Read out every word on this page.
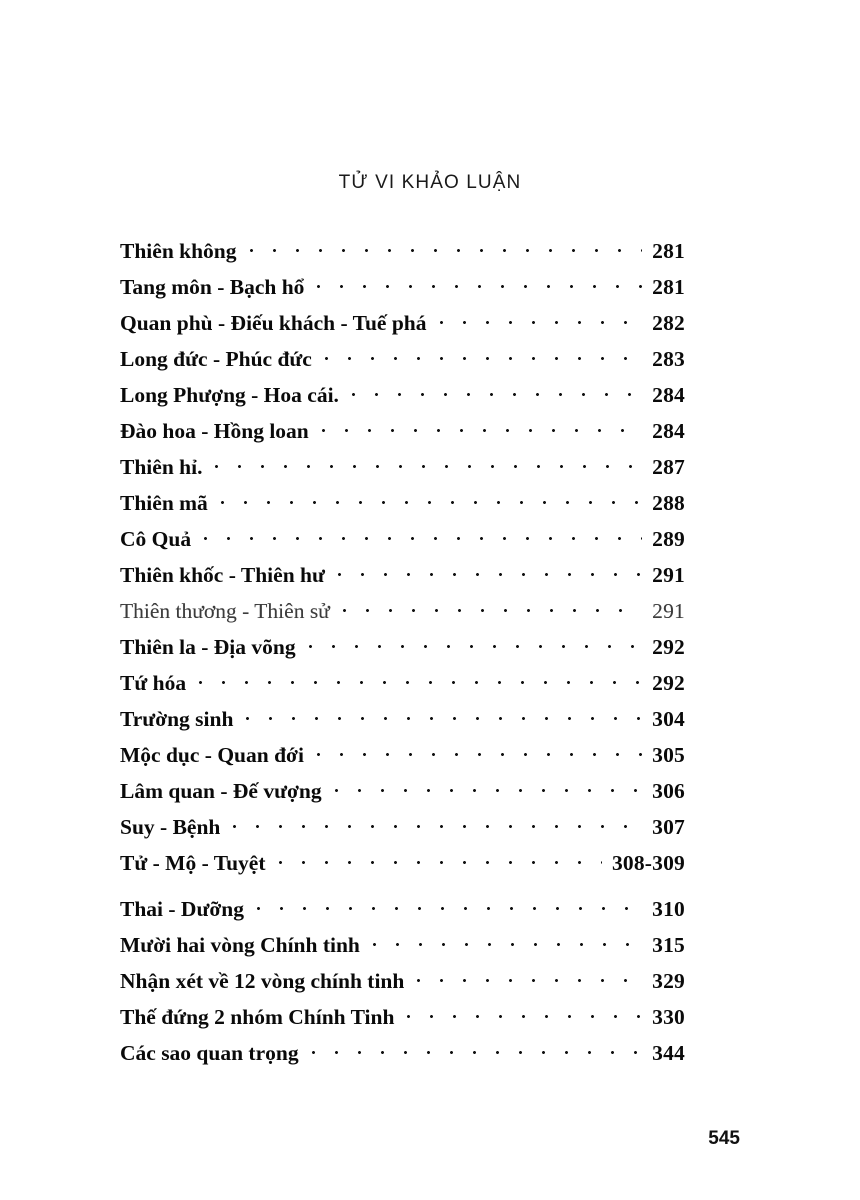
TỬ VI KHẢO LUẬN
Thiên không	281
Tang môn - Bạch hổ	281
Quan phù - Điếu khách - Tuế phá	282
Long đức - Phúc đức	283
Long Phượng - Hoa cái.	284
Đào hoa - Hồng loan	284
Thiên hỉ.	287
Thiên mã	288
Cô Quả	289
Thiên khốc - Thiên hư	291
Thiên thương - Thiên sử	291
Thiên la - Địa võng	292
Tứ hóa	292
Trường sinh	304
Mộc dục - Quan đới	305
Lâm quan - Đế vượng	306
Suy - Bệnh	307
Tử - Mộ - Tuyệt	308-309
Thai - Dưỡng	310
Mười hai vòng Chính tinh	315
Nhận xét về 12 vòng chính tinh	329
Thế đứng 2 nhóm Chính Tinh	330
Các sao quan trọng	344
545
